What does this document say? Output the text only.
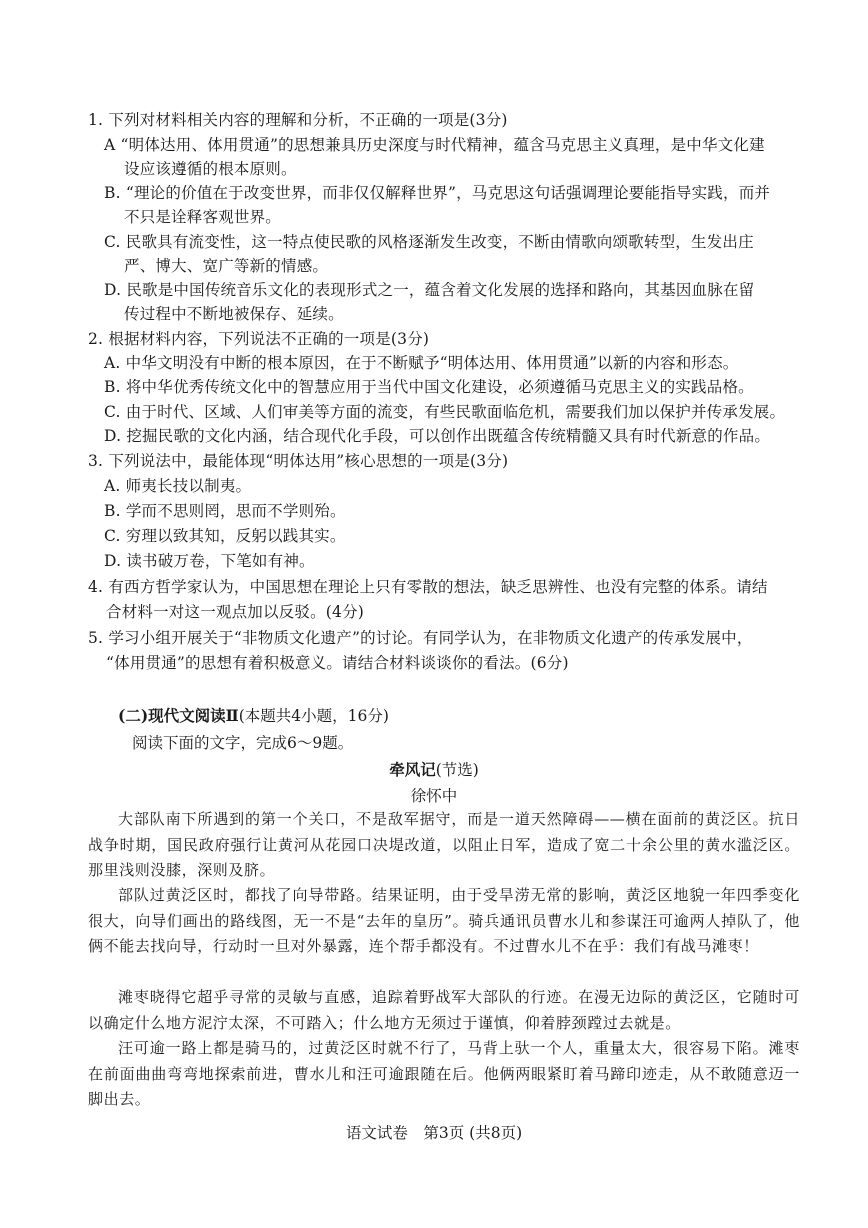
1. 下列对材料相关内容的理解和分析，不正确的一项是(3分)
A “明体达用、体用贯通”的思想兼具历史深度与时代精神，蕴含马克思主义真理，是中华文化建
设应该遵循的根本原则。
B. “理论的价值在于改变世界，而非仅仅解释世界”，马克思这句话强调理论要能指导实践，而并
不只是诠释客观世界。
C. 民歌具有流变性，这一特点使民歌的风格逐渐发生改变，不断由情歌向颂歌转型，生发出庄
严、博大、宽广等新的情感。
D. 民歌是中国传统音乐文化的表现形式之一，蕴含着文化发展的选择和路向，其基因血脉在留
传过程中不断地被保存、延续。
2. 根据材料内容，下列说法不正确的一项是(3分)
A. 中华文明没有中断的根本原因，在于不断赋予“明体达用、体用贯通”以新的内容和形态。
B. 将中华优秀传统文化中的智慧应用于当代中国文化建设，必须遵循马克思主义的实践品格。
C. 由于时代、区域、人们审美等方面的流变，有些民歌面临危机，需要我们加以保护并传承发展。
D. 挖掘民歌的文化内涵，结合现代化手段，可以创作出既蕴含传统精髓又具有时代新意的作品。
3. 下列说法中，最能体现“明体达用”核心思想的一项是(3分)
A. 师夷长技以制夷。
B. 学而不思则罔，思而不学则殆。
C. 穷理以致其知，反躬以践其实。
D. 读书破万卷，下笔如有神。
4. 有西方哲学家认为，中国思想在理论上只有零散的想法，缺乏思辨性、也没有完整的体系。请结
合材料一对这一观点加以反驳。(4分)
5. 学习小组开展关于“非物质文化遗产”的讨论。有同学认为，在非物质文化遗产的传承发展中，
“体用贯通”的思想有着积极意义。请结合材料谈谈你的看法。(6分)
(二)现代文阅读Ⅱ(本题共4小题，16分)
阅读下面的文字，完成6～9题。
牵风记(节选)
徐怀中
大部队南下所遇到的第一个关口，不是敌军据守，而是一道天然障碍——横在面前的黄泛区。抗日战争时期，国民政府强行让黄河从花园口决堤改道，以阻止日军，造成了宽二十余公里的黄水滥泛区。那里浅则没膝，深则及脐。
部队过黄泛区时，都找了向导带路。结果证明，由于受旱涝无常的影响，黄泛区地貌一年四季变化很大，向导们画出的路线图，无一不是“去年的皇历”。骑兵通讯员曹水儿和参谋汪可逾两人掉队了，他俩不能去找向导，行动时一旦对外暴露，连个帮手都没有。不过曹水儿不在乎：我们有战马滩枣！
滩枣晓得它超乎寻常的灵敏与直感，追踪着野战军大部队的行迹。在漫无边际的黄泛区，它随时可以确定什么地方泥泞太深，不可踏入；什么地方无须过于谨慎，仰着脖颈蹚过去就是。
汪可逾一路上都是骑马的，过黄泛区时就不行了，马背上驮一个人，重量太大，很容易下陷。滩枣在前面曲曲弯弯地探索前进，曹水儿和汪可逾跟随在后。他俩两眼紧盯着马蹄印迹走，从不敢随意迈一脚出去。
语文试卷　第3页 (共8页)
